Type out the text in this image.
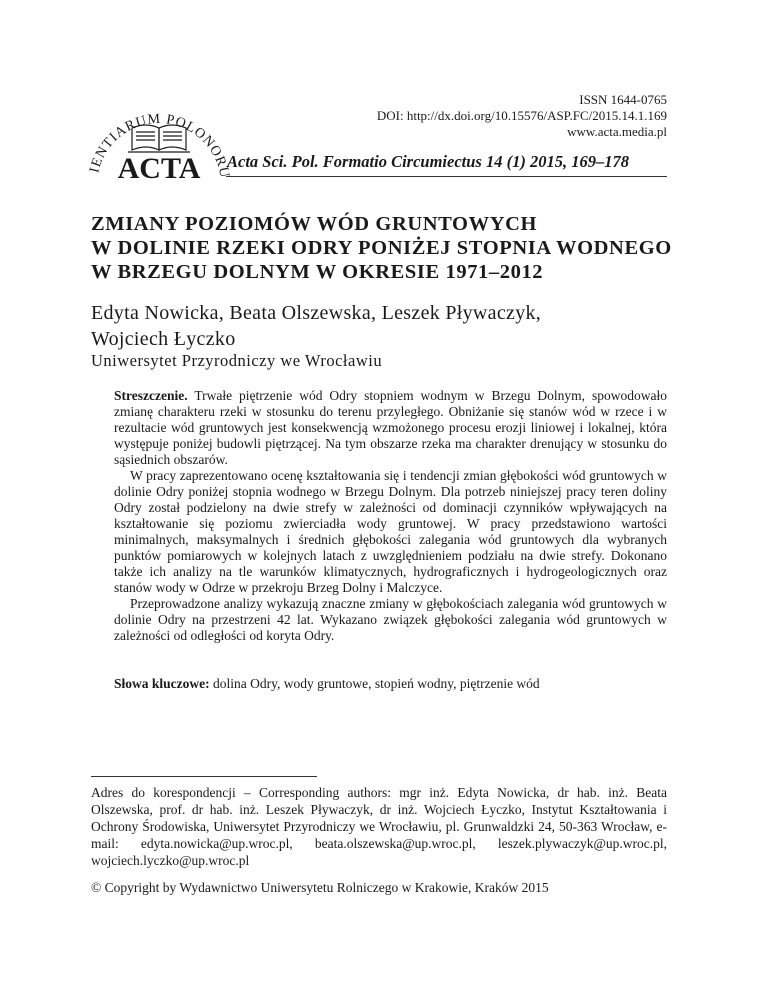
IENTIARUM POLONORU
ACTA
ISSN 1644-0765
DOI: http://dx.doi.org/10.15576/ASP.FC/2015.14.1.169
www.acta.media.pl
Acta Sci. Pol. Formatio Circumiectus 14 (1) 2015, 169–178
ZMIANY POZIOMÓW WÓD GRUNTOWYCH
W DOLINIE RZEKI ODRY PONIŻEJ STOPNIA WODNEGO
W BRZEGU DOLNYM W OKRESIE 1971–2012
Edyta Nowicka, Beata Olszewska, Leszek Pływaczyk,
Wojciech Łyczko
Uniwersytet Przyrodniczy we Wrocławiu

Streszczenie. Trwałe piętrzenie wód Odry stopniem wodnym w Brzegu Dolnym, spowodowało zmianę charakteru rzeki w stosunku do terenu przyległego. Obniżanie się stanów wód w rzece i w rezultacie wód gruntowych jest konsekwencją wzmożonego procesu erozji liniowej i lokalnej, która występuje poniżej budowli piętrzącej. Na tym obszarze rzeka ma charakter drenujący w stosunku do sąsiednich obszarów.

W pracy zaprezentowano ocenę kształtowania się i tendencji zmian głębokości wód gruntowych w dolinie Odry poniżej stopnia wodnego w Brzegu Dolnym. Dla potrzeb niniejszej pracy teren doliny Odry został podzielony na dwie strefy w zależności od dominacji czynników wpływających na kształtowanie się poziomu zwierciadła wody gruntowej. W pracy przedstawiono wartości minimalnych, maksymalnych i średnich głębokości zalegania wód gruntowych dla wybranych punktów pomiarowych w kolejnych latach z uwzględnieniem podziału na dwie strefy. Dokonano także ich analizy na tle warunków klimatycznych, hydrograficznych i hydrogeologicznych oraz stanów wody w Odrze w przekroju Brzeg Dolny i Malczyce.

Przeprowadzone analizy wykazują znaczne zmiany w głębokościach zalegania wód gruntowych w dolinie Odry na przestrzeni 42 lat. Wykazano związek głębokości zalegania wód gruntowych w zależności od odległości od koryta Odry.

Słowa kluczowe: dolina Odry, wody gruntowe, stopień wodny, piętrzenie wód
Adres do korespondencji – Corresponding authors: mgr inż. Edyta Nowicka, dr hab. inż. Beata Olszewska, prof. dr hab. inż. Leszek Pływaczyk, dr inż. Wojciech Łyczko, Instytut Kształtowania i Ochrony Środowiska, Uniwersytet Przyrodniczy we Wrocławiu, pl. Grunwaldzki 24, 50-363 Wrocław, e-mail: edyta.nowicka@up.wroc.pl, beata.olszewska@up.wroc.pl, leszek.plywaczyk@up.wroc.pl, wojciech.lyczko@up.wroc.pl
© Copyright by Wydawnictwo Uniwersytetu Rolniczego w Krakowie, Kraków 2015
